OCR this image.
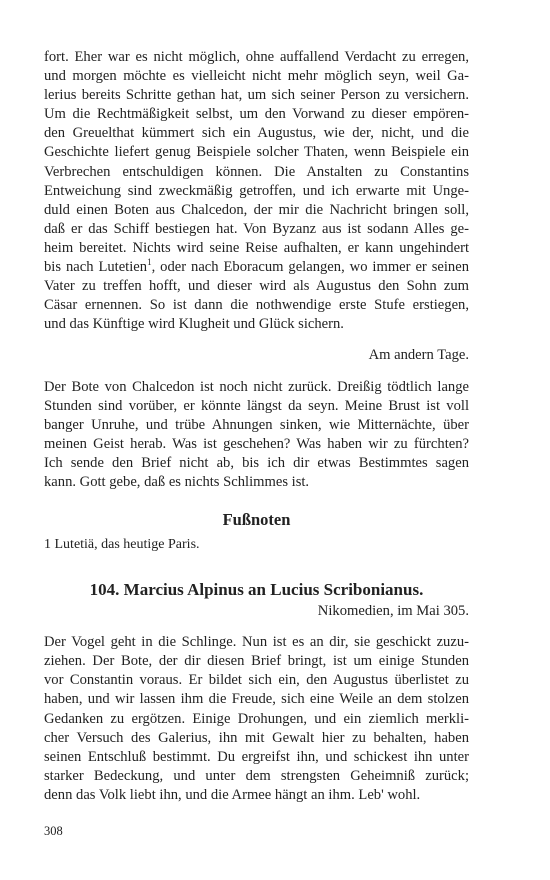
fort. Eher war es nicht möglich, ohne auffallend Verdacht zu erregen,
und morgen möchte es vielleicht nicht mehr möglich seyn, weil Ga-
lerius bereits Schritte gethan hat, um sich seiner Person zu versichern.
Um die Rechtmäßigkeit selbst, um den Vorwand zu dieser empören-
den Greuelthat kümmert sich ein Augustus, wie der, nicht, und die
Geschichte liefert genug Beispiele solcher Thaten, wenn Beispiele ein
Verbrechen entschuldigen können. Die Anstalten zu Constantins
Entweichung sind zweckmäßig getroffen, und ich erwarte mit Unge-
duld einen Boten aus Chalcedon, der mir die Nachricht bringen soll,
daß er das Schiff bestiegen hat. Von Byzanz aus ist sodann Alles ge-
heim bereitet. Nichts wird seine Reise aufhalten, er kann ungehindert
bis nach Lutetien$^1$, oder nach Eboracum gelangen, wo immer er seinen
Vater zu treffen hofft, und dieser wird als Augustus den Sohn zum
Cäsar ernennen. So ist dann die nothwendige erste Stufe erstiegen,
und das Künftige wird Klugheit und Glück sichern.
Am andern Tage.
Der Bote von Chalcedon ist noch nicht zurück. Dreißig tödtlich lange
Stunden sind vorüber, er könnte längst da seyn. Meine Brust ist voll
banger Unruhe, und trübe Ahnungen sinken, wie Mitternächte, über
meinen Geist herab. Was ist geschehen? Was haben wir zu fürchten?
Ich sende den Brief nicht ab, bis ich dir etwas Bestimmtes sagen
kann. Gott gebe, daß es nichts Schlimmes ist.
Fußnoten
1 Lutetiä, das heutige Paris.
104. Marcius Alpinus an Lucius Scribonianus.
Nikomedien, im Mai 305.
Der Vogel geht in die Schlinge. Nun ist es an dir, sie geschickt zuzu-
ziehen. Der Bote, der dir diesen Brief bringt, ist um einige Stunden
vor Constantin voraus. Er bildet sich ein, den Augustus überlistet zu
haben, und wir lassen ihm die Freude, sich eine Weile an dem stolzen
Gedanken zu ergötzen. Einige Drohungen, und ein ziemlich merkli-
cher Versuch des Galerius, ihn mit Gewalt hier zu behalten, haben
seinen Entschluß bestimmt. Du ergreifst ihn, und schickest ihn unter
starker Bedeckung, und unter dem strengsten Geheimniß zurück;
denn das Volk liebt ihn, und die Armee hängt an ihm. Leb' wohl.
308
